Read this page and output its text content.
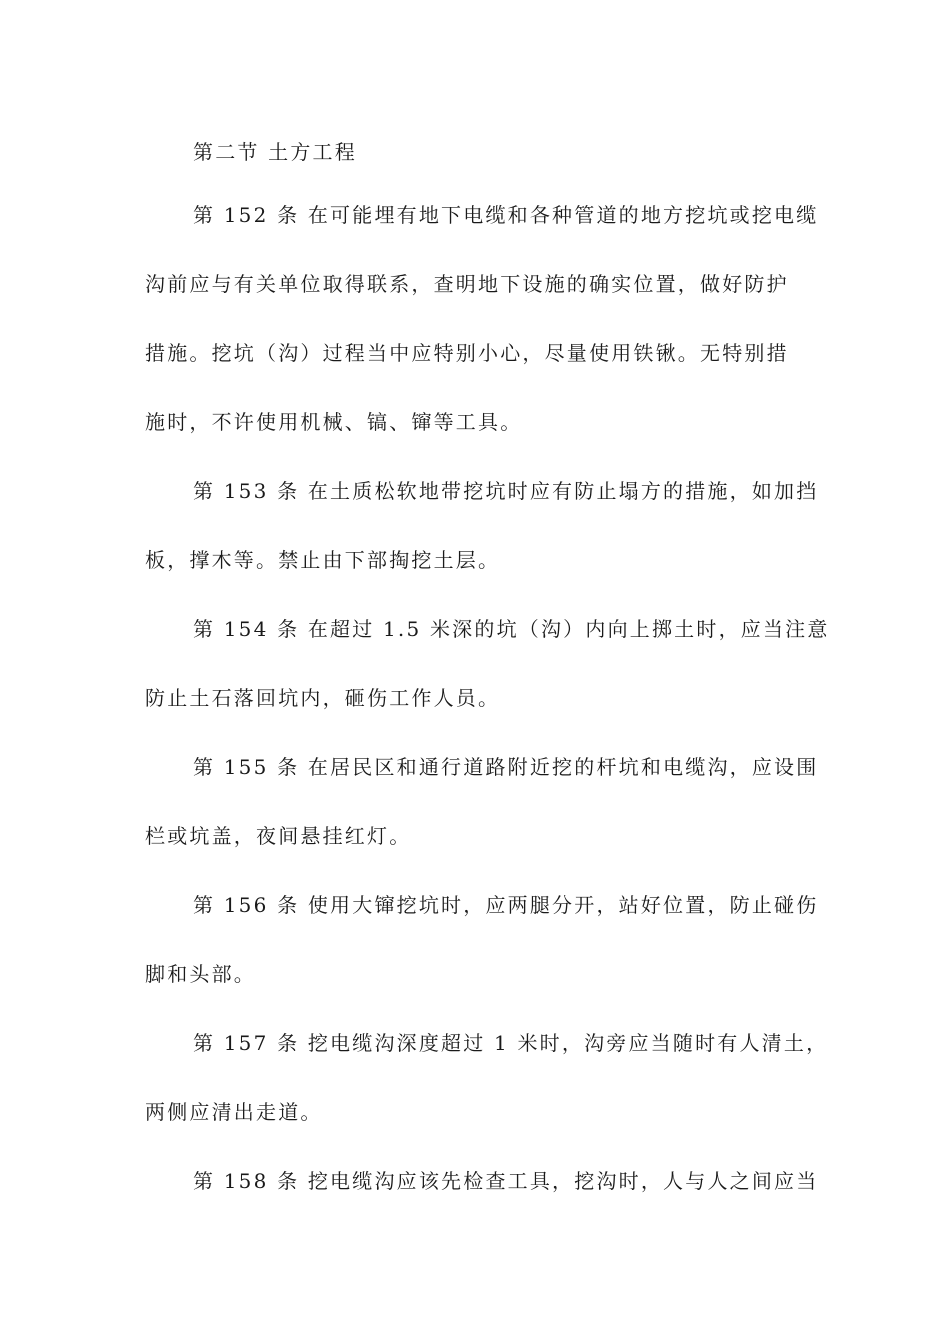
第二节 土方工程

第 152 条 在可能埋有地下电缆和各种管道的地方挖坑或挖电缆

沟前应与有关单位取得联系，查明地下设施的确实位置，做好防护

措施。挖坑（沟）过程当中应特别小心，尽量使用铁锹。无特别措

施时，不许使用机械、镐、镩等工具。

第 153 条 在土质松软地带挖坑时应有防止塌方的措施，如加挡

板，撑木等。禁止由下部掏挖土层。

第 154 条 在超过 1.5 米深的坑（沟）内向上掷土时，应当注意

防止土石落回坑内，砸伤工作人员。

第 155 条 在居民区和通行道路附近挖的杆坑和电缆沟，应设围

栏或坑盖，夜间悬挂红灯。

第 156 条 使用大镩挖坑时，应两腿分开，站好位置，防止碰伤

脚和头部。

第 157 条 挖电缆沟深度超过 1 米时，沟旁应当随时有人清土，

两侧应清出走道。

第 158 条 挖电缆沟应该先检查工具，挖沟时，人与人之间应当
